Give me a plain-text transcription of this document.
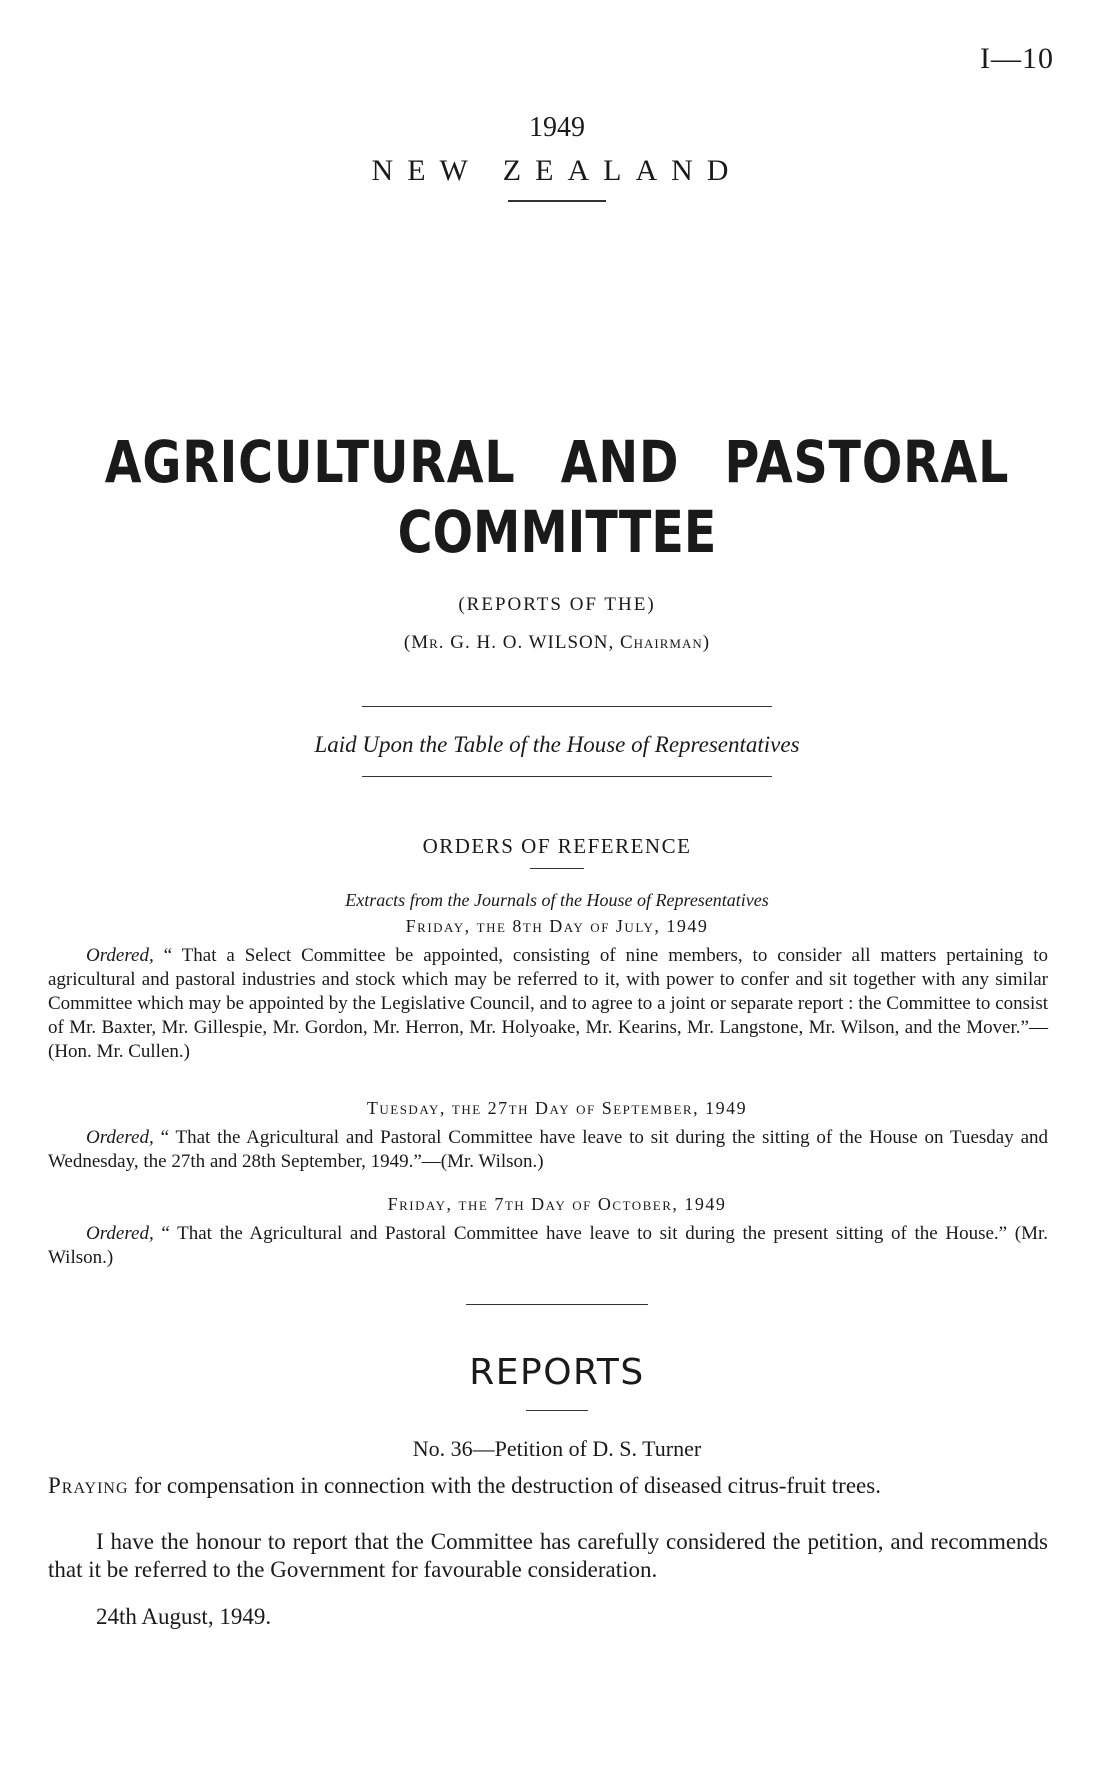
I—10
1949
NEW ZEALAND
AGRICULTURAL AND PASTORAL
COMMITTEE
(REPORTS OF THE)
(Mr. G. H. O. WILSON, Chairman)
Laid Upon the Table of the House of Representatives
ORDERS OF REFERENCE
Extracts from the Journals of the House of Representatives
Friday, the 8th Day of July, 1949
Ordered, “ That a Select Committee be appointed, consisting of nine members, to consider all matters pertaining to agricultural and pastoral industries and stock which may be referred to it, with power to confer and sit together with any similar Committee which may be appointed by the Legislative Council, and to agree to a joint or separate report : the Committee to consist of Mr. Baxter, Mr. Gillespie, Mr. Gordon, Mr. Herron, Mr. Holyoake, Mr. Kearins, Mr. Langstone, Mr. Wilson, and the Mover.”—(Hon. Mr. Cullen.)
Tuesday, the 27th Day of September, 1949
Ordered, “ That the Agricultural and Pastoral Committee have leave to sit during the sitting of the House on Tuesday and Wednesday, the 27th and 28th September, 1949.”—(Mr. Wilson.)
Friday, the 7th Day of October, 1949
Ordered, “ That the Agricultural and Pastoral Committee have leave to sit during the present sitting of the House.” (Mr. Wilson.)
REPORTS
No. 36—Petition of D. S. Turner
Praying for compensation in connection with the destruction of diseased citrus-fruit trees.
I have the honour to report that the Committee has carefully considered the petition, and recommends that it be referred to the Government for favourable consideration.
24th August, 1949.
